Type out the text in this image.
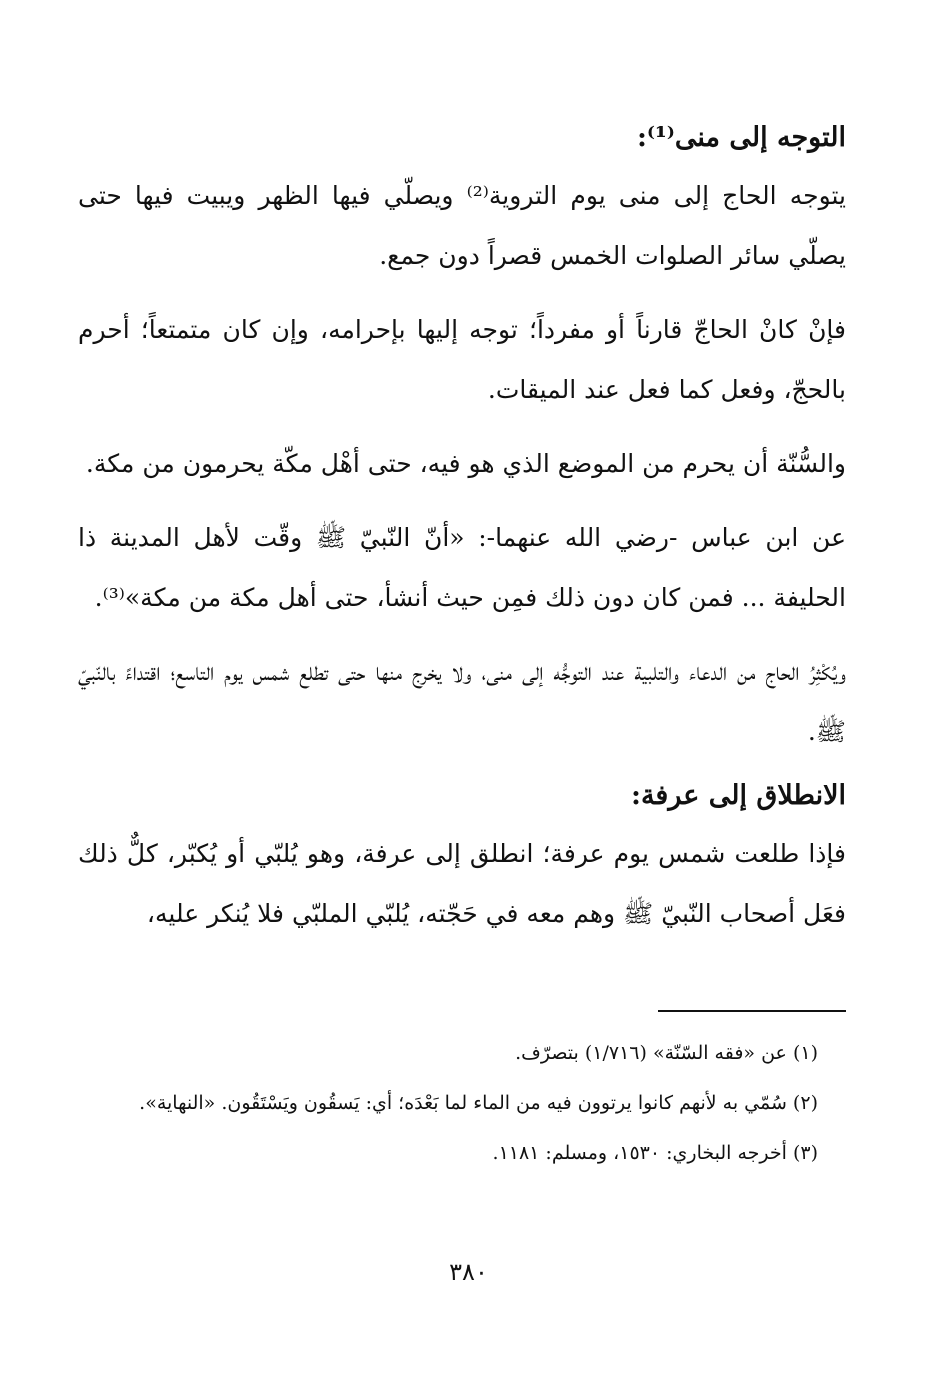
التوجه إلى منى⁽¹⁾:

يتوجه الحاج إلى منى يوم التروية⁽²⁾ ويصلّي فيها الظهر ويبيت فيها حتى يصلّي سائر الصلوات الخمس قصراً دون جمع.

فإنْ كانْ الحاجّ قارناً أو مفرداً؛ توجه إليها بإحرامه، وإن كان متمتعاً؛ أحرم بالحجّ، وفعل كما فعل عند الميقات.

والسُّنّة أن يحرم من الموضع الذي هو فيه، حتى أهْل مكّة يحرمون من مكة.

عن ابن عباس -رضي الله عنهما-: «أنّ النّبيّ ﷺ وقّت لأهل المدينة ذا الحليفة ... فمن كان دون ذلك فمِن حيث أنشأ، حتى أهل مكة من مكة»⁽³⁾.

ويُكْثِرُ الحاج من الدعاء والتلبية عند التوجُّه إلى منى، ولا يخرج منها حتى تطلع شمس يوم التاسع؛ اقتداءً بالنّبيّ ﷺ.

الانطلاق إلى عرفة:

فإذا طلعت شمس يوم عرفة؛ انطلق إلى عرفة، وهو يُلبّي أو يُكبّر، كلٌّ ذلك فعَل أصحاب النّبيّ ﷺ وهم معه في حَجّته، يُلبّي الملبّي فلا يُنكر عليه،

(١) عن «فقه السّنّة» (١/٧١٦) بتصرّف.

(٢) سُمّي به لأنهم كانوا يرتوون فيه من الماء لما بَعْدَه؛ أي: يَسقُون ويَسْتَقُون. «النهاية».

(٣) أخرجه البخاري: ١٥٣٠، ومسلم: ١١٨١.

٣٨٠
